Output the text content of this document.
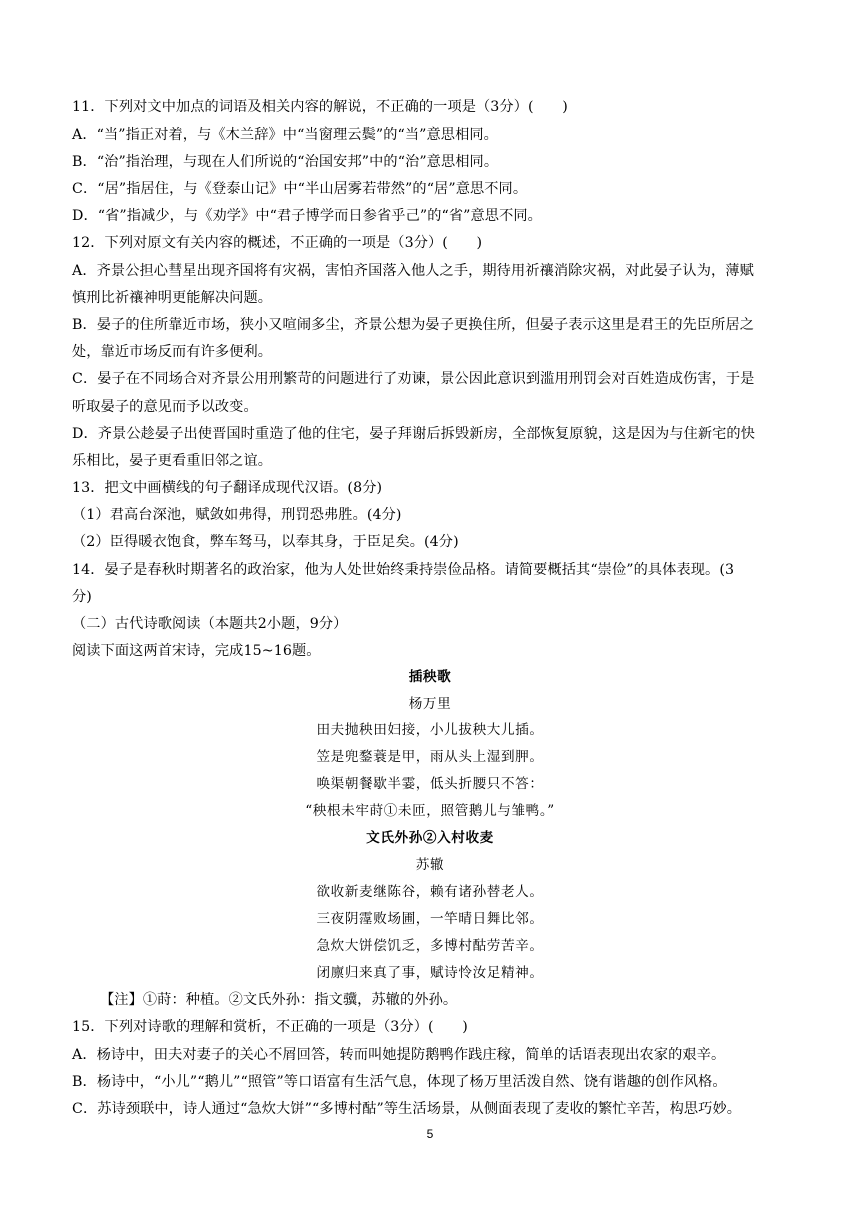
11．下列对文中加点的词语及相关内容的解说，不正确的一项是（3分）(　　)
A．“当”指正对着，与《木兰辞》中“当窗理云鬓”的“当”意思相同。
B．“治”指治理，与现在人们所说的“治国安邦”中的“治”意思相同。
C．“居”指居住，与《登泰山记》中“半山居雾若带然”的“居”意思不同。
D．“省”指减少，与《劝学》中“君子博学而日参省乎己”的“省”意思不同。
12．下列对原文有关内容的概述，不正确的一项是（3分）(　　)
A．齐景公担心彗星出现齐国将有灾祸，害怕齐国落入他人之手，期待用祈禳消除灾祸，对此晏子认为，薄赋
慎刑比祈禳神明更能解决问题。
B．晏子的住所靠近市场，狭小又喧闹多尘，齐景公想为晏子更换住所，但晏子表示这里是君王的先臣所居之
处，靠近市场反而有许多便利。
C．晏子在不同场合对齐景公用刑繁苛的问题进行了劝谏，景公因此意识到滥用刑罚会对百姓造成伤害，于是
听取晏子的意见而予以改变。
D．齐景公趁晏子出使晋国时重造了他的住宅，晏子拜谢后拆毁新房，全部恢复原貌，这是因为与住新宅的快
乐相比，晏子更看重旧邻之谊。
13．把文中画横线的句子翻译成现代汉语。(8分)
（1）君高台深池，赋敛如弗得，刑罚恐弗胜。(4分)
（2）臣得暖衣饱食，弊车驽马，以奉其身，于臣足矣。(4分)
14．晏子是春秋时期著名的政治家，他为人处世始终秉持崇俭品格。请简要概括其“崇俭”的具体表现。(3
分)
（二）古代诗歌阅读（本题共2小题，9分）
阅读下面这两首宋诗，完成15~16题。
插秧歌
杨万里
田夫抛秧田妇接，小儿拔秧大儿插。
笠是兜鍪蓑是甲，雨从头上湿到胛。
唤渠朝餐歇半霎，低头折腰只不答：
“秧根未牢莳①未匝，照管鹅儿与雏鸭。”
文氏外孙②入村收麦
苏辙
欲收新麦继陈谷，赖有诸孙替老人。
三夜阴霪败场圃，一竿晴日舞比邻。
急炊大饼偿饥乏，多博村酤劳苦辛。
闭廪归来真了事，赋诗怜汝足精神。
【注】①莳：种植。②文氏外孙：指文骥，苏辙的外孙。
15．下列对诗歌的理解和赏析，不正确的一项是（3分）(　　)
A．杨诗中，田夫对妻子的关心不屑回答，转而叫她提防鹅鸭作践庄稼，简单的话语表现出农家的艰辛。
B．杨诗中，“小儿”“鹅儿”“照管”等口语富有生活气息，体现了杨万里活泼自然、饶有谐趣的创作风格。
C．苏诗颈联中，诗人通过“急炊大饼”“多博村酤”等生活场景，从侧面表现了麦收的繁忙辛苦，构思巧妙。
5
